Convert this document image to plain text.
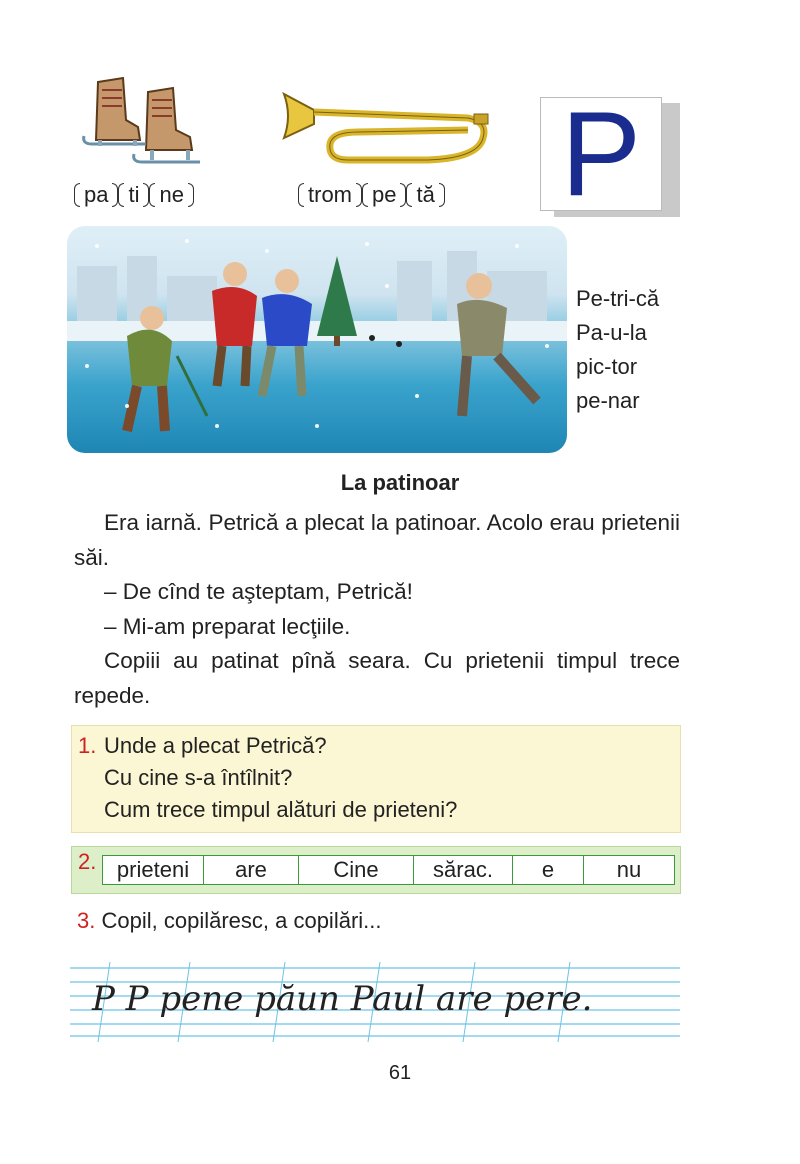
pa ti ne	trom pe tă P
Pe-tri-că
Pa-u-la
pic-tor
pe-nar
La patinoar

Era iarnă. Petrică a plecat la patinoar. Acolo erau prietenii săi.

– De cînd te aşteptam, Petrică!

– Mi-am preparat lecţiile.

Copiii au patinat pînă seara. Cu prietenii timpul trece repede.

1. Unde a plecat Petrică?
Cu cine s-a întîlnit?
Cum trece timpul alături de prieteni?
2. prieteni	are	Cine	sărac.	e	nu
3. Copil, copilăresc, a copilări...
P P pene păun Paul are pere.
61
